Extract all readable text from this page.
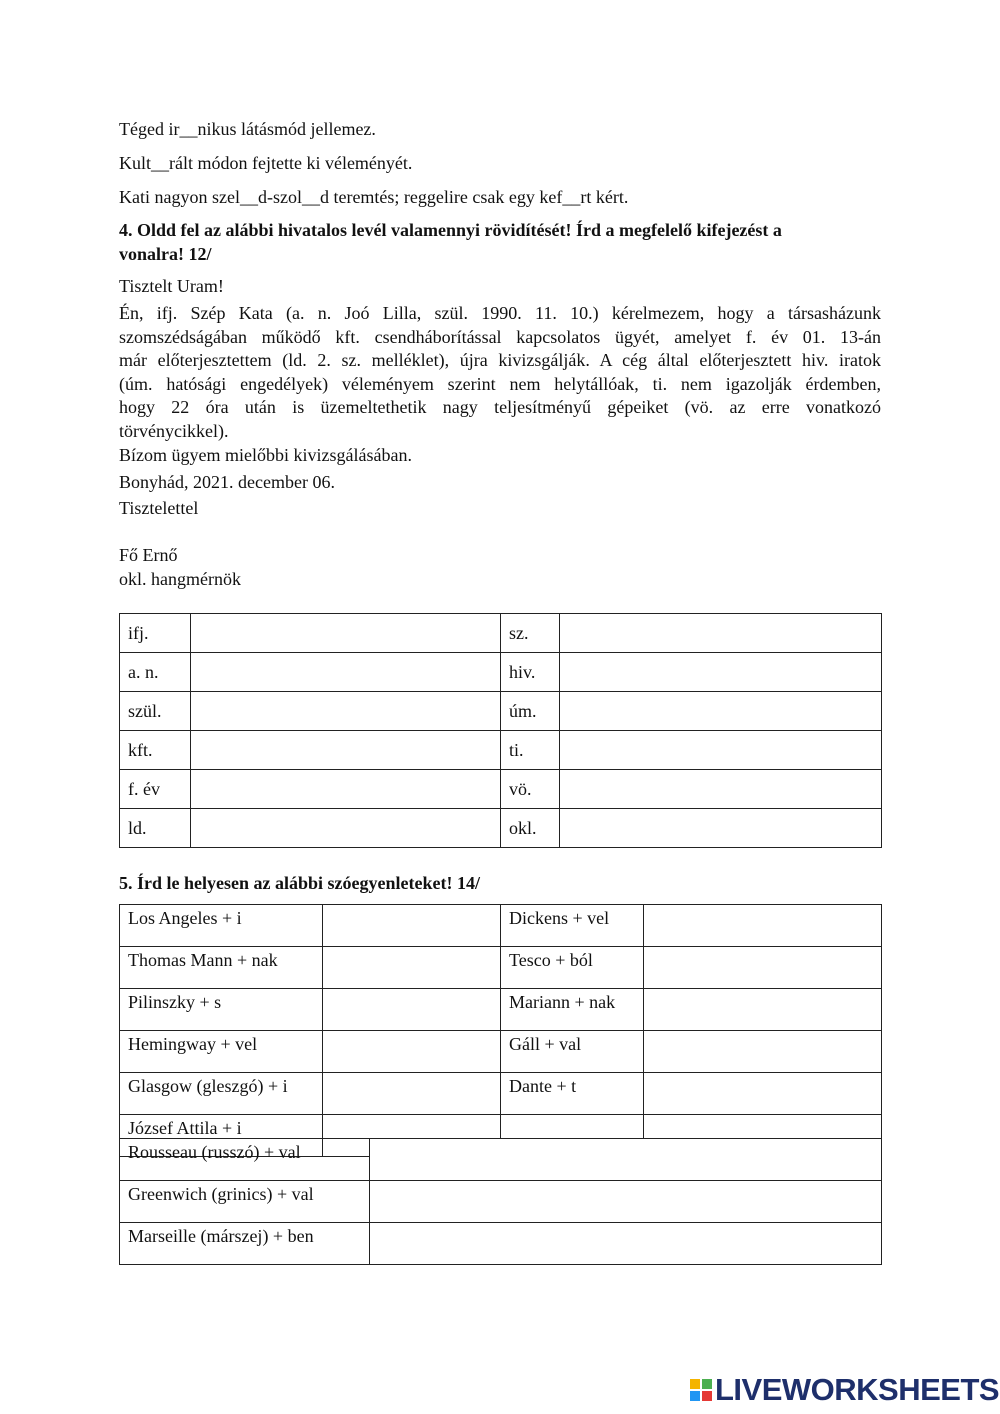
Téged ir__nikus látásmód jellemez.
Kult__rált módon fejtette ki véleményét.
Kati nagyon szel__d-szol__d teremtés; reggelire csak egy kef__rt kért.
4. Oldd fel az alábbi hivatalos levél valamennyi rövidítését! Írd a megfelelő kifejezést a
vonalra! 12/
Tisztelt Uram!
Én, ifj. Szép Kata (a. n. Joó Lilla, szül. 1990. 11. 10.) kérelmezem, hogy a társasházunk
szomszédságában működő kft. csendháborítással kapcsolatos ügyét, amelyet f. év 01. 13-án
már előterjesztettem (ld. 2. sz. melléklet), újra kivizsgálják. A cég által előterjesztett hiv. iratok
(úm. hatósági engedélyek) véleményem szerint nem helytállóak, ti. nem igazolják érdemben,
hogy 22 óra után is üzemeltethetik nagy teljesítményű gépeiket (vö. az erre vonatkozó
törvénycikkel).
Bízom ügyem mielőbbi kivizsgálásában.
Bonyhád, 2021. december 06.
Tisztelettel
Fő Ernő
okl. hangmérnök
ifj.		sz.	
a. n.		hiv.	
szül.		úm.	
kft.		ti.	
f. év		vö.	
ld.		okl.	
5. Írd le helyesen az alábbi szóegyenleteket! 14/
Los Angeles + i		Dickens + vel	
Thomas Mann + nak		Tesco + ból	
Pilinszky + s		Mariann + nak	
Hemingway + vel		Gáll + val	
Glasgow (gleszgó) + i		Dante + t	
József Attila + i			
Rousseau (russzó) + val	
Greenwich (grinics) + val	
Marseille (márszej) + ben	
LIVEWORKSHEETS
